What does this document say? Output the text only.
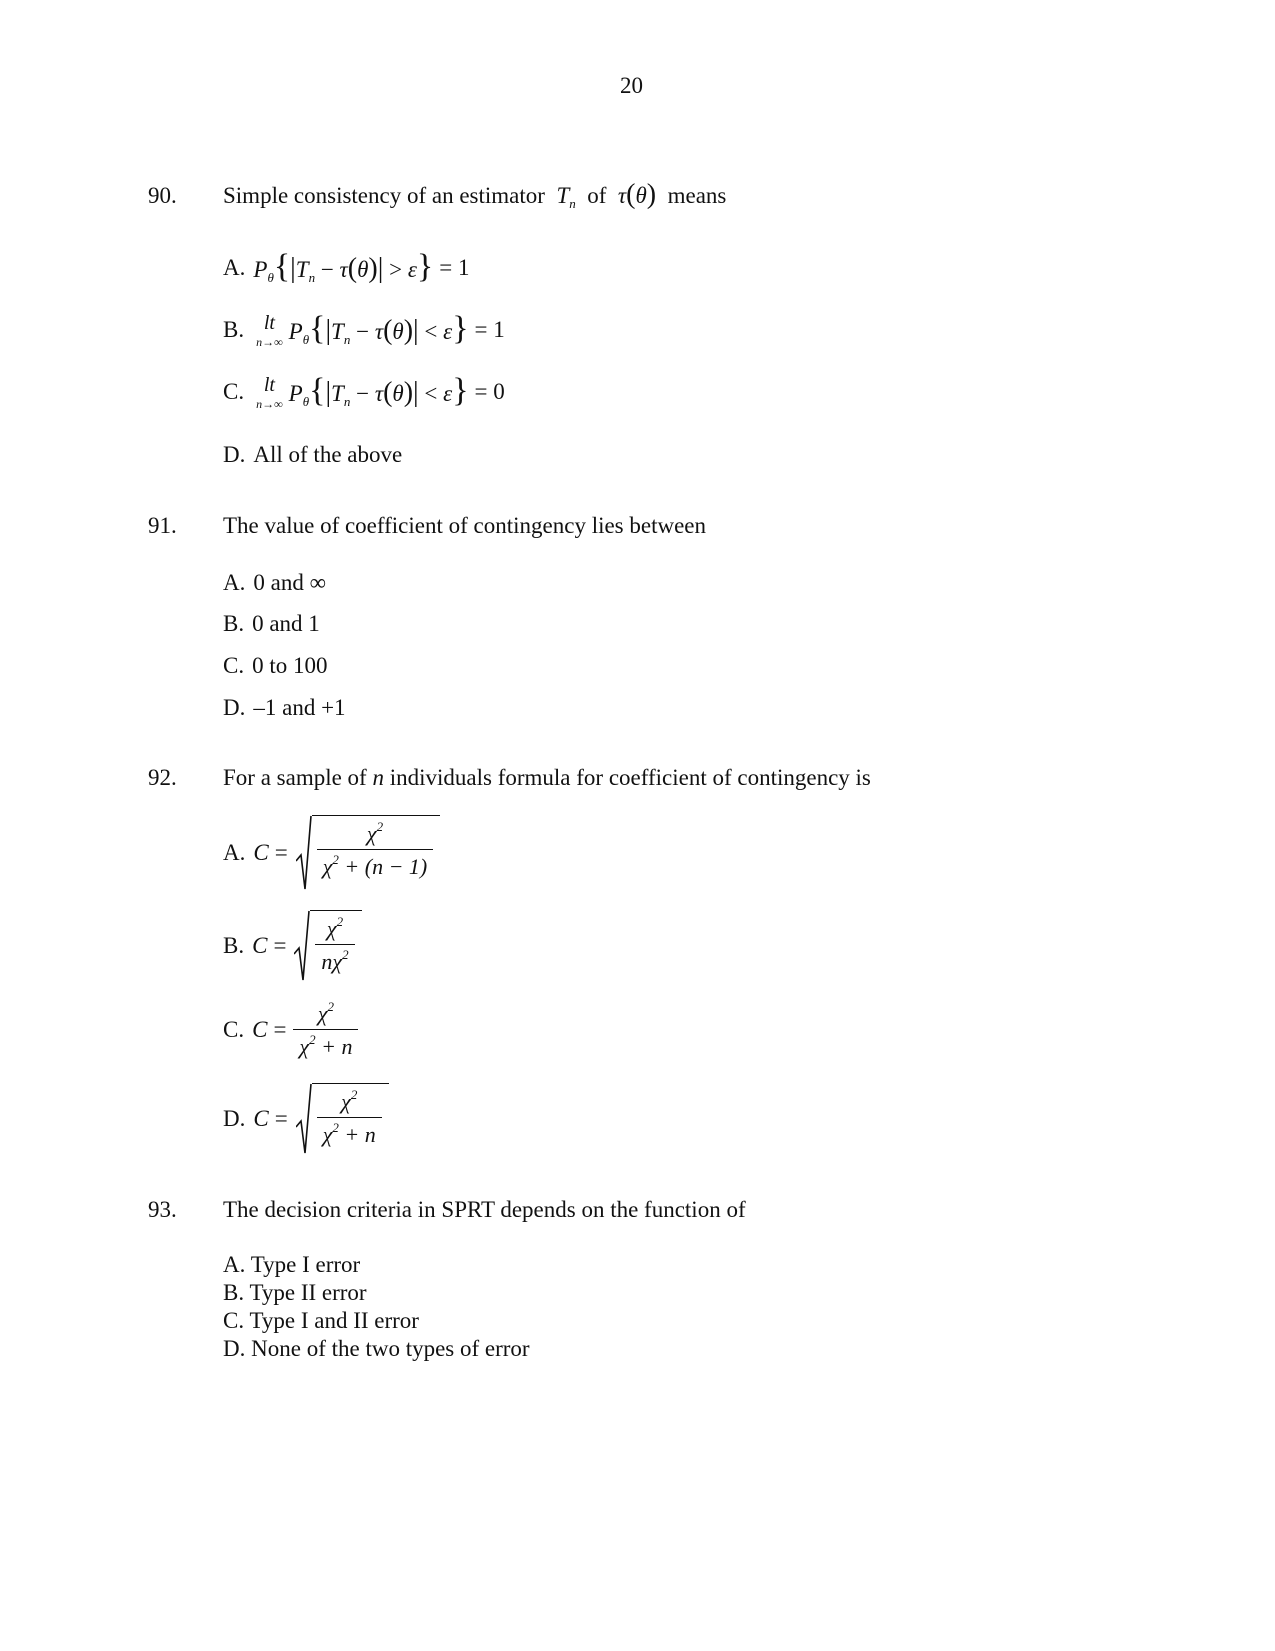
20
90. Simple consistency of an estimator $T_n$ of τ(θ) means
A. $P_\theta\{|T_n - \tau(\theta)| > \varepsilon\} = 1$
B. lt
n→∞ $P_\theta\{|T_n - \tau(\theta)| < \varepsilon\} = 1$
C. lt
n→∞ $P_\theta\{|T_n - \tau(\theta)| < \varepsilon\} = 0$
D. All of the above
91. The value of coefficient of contingency lies between
A. 0 and ∞
B. 0 and 1
C. 0 to 100
D. –1 and +1
92. For a sample of n individuals formula for coefficient of contingency is
A. $C = \frac{\chi^2}{\chi^2 + (n - 1)}$
B. $C = \frac{\chi^2}{n\chi^2}$
C. $C = \frac{\chi^2}{\chi^2 + n}$
D. $C = \frac{\chi^2}{\chi^2 + n}$
93. The decision criteria in SPRT depends on the function of
A. Type I error
B. Type II error
C. Type I and II error
D. None of the two types of error
